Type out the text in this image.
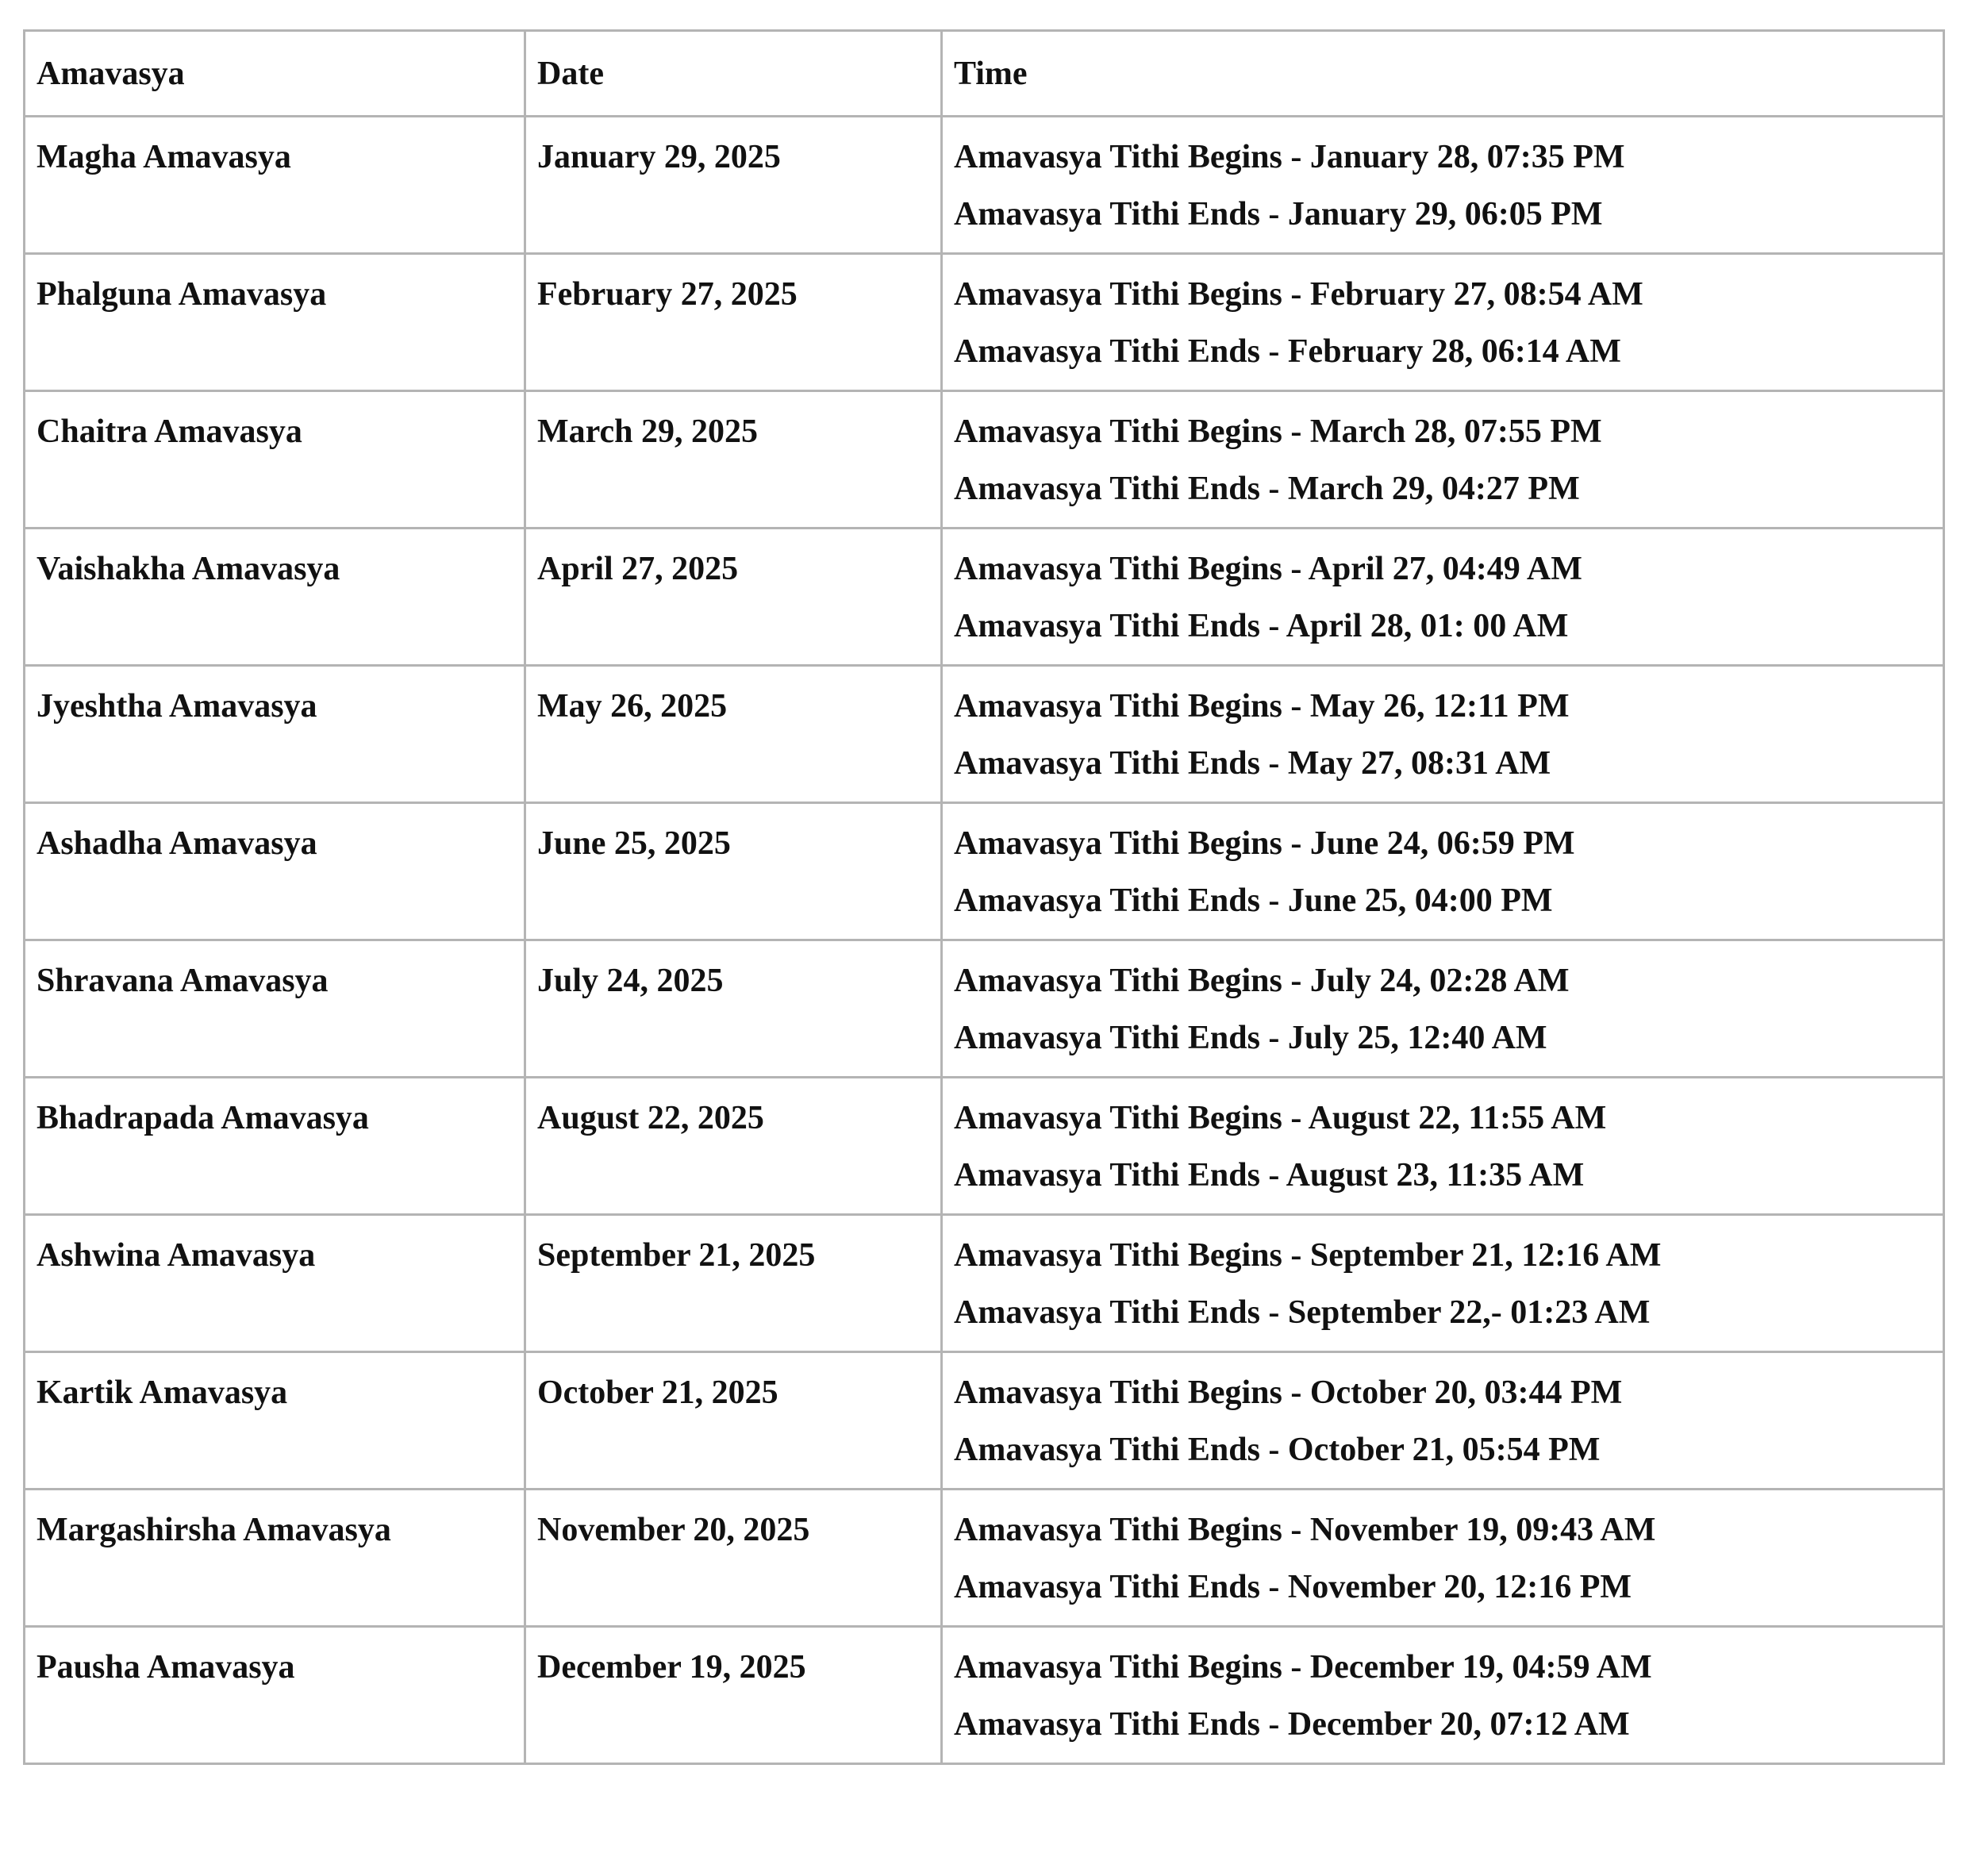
Amavasya	Date	Time
Magha Amavasya	January 29, 2025	Amavasya Tithi Begins - January 28, 07:35 PM
Amavasya Tithi Ends - January 29, 06:05 PM

Phalguna Amavasya	February 27, 2025	Amavasya Tithi Begins - February 27, 08:54 AM
Amavasya Tithi Ends - February 28, 06:14 AM

Chaitra Amavasya	March 29, 2025	Amavasya Tithi Begins - March 28, 07:55 PM
Amavasya Tithi Ends - March 29, 04:27 PM

Vaishakha Amavasya	April 27, 2025	Amavasya Tithi Begins - April 27, 04:49 AM
Amavasya Tithi Ends - April 28, 01: 00 AM

Jyeshtha Amavasya	May 26, 2025	Amavasya Tithi Begins - May 26, 12:11 PM
Amavasya Tithi Ends - May 27, 08:31 AM

Ashadha Amavasya	June 25, 2025	Amavasya Tithi Begins - June 24, 06:59 PM
Amavasya Tithi Ends - June 25, 04:00 PM

Shravana Amavasya	July 24, 2025	Amavasya Tithi Begins - July 24, 02:28 AM
Amavasya Tithi Ends - July 25, 12:40 AM

Bhadrapada Amavasya	August 22, 2025	Amavasya Tithi Begins - August 22, 11:55 AM
Amavasya Tithi Ends - August 23, 11:35 AM

Ashwina Amavasya	September 21, 2025	Amavasya Tithi Begins - September 21, 12:16 AM
Amavasya Tithi Ends - September 22,- 01:23 AM

Kartik Amavasya	October 21, 2025	Amavasya Tithi Begins - October 20, 03:44 PM
Amavasya Tithi Ends - October 21, 05:54 PM

Margashirsha Amavasya	November 20, 2025	Amavasya Tithi Begins - November 19, 09:43 AM
Amavasya Tithi Ends - November 20, 12:16 PM

Pausha Amavasya	December 19, 2025	Amavasya Tithi Begins - December 19, 04:59 AM
Amavasya Tithi Ends - December 20, 07:12 AM
